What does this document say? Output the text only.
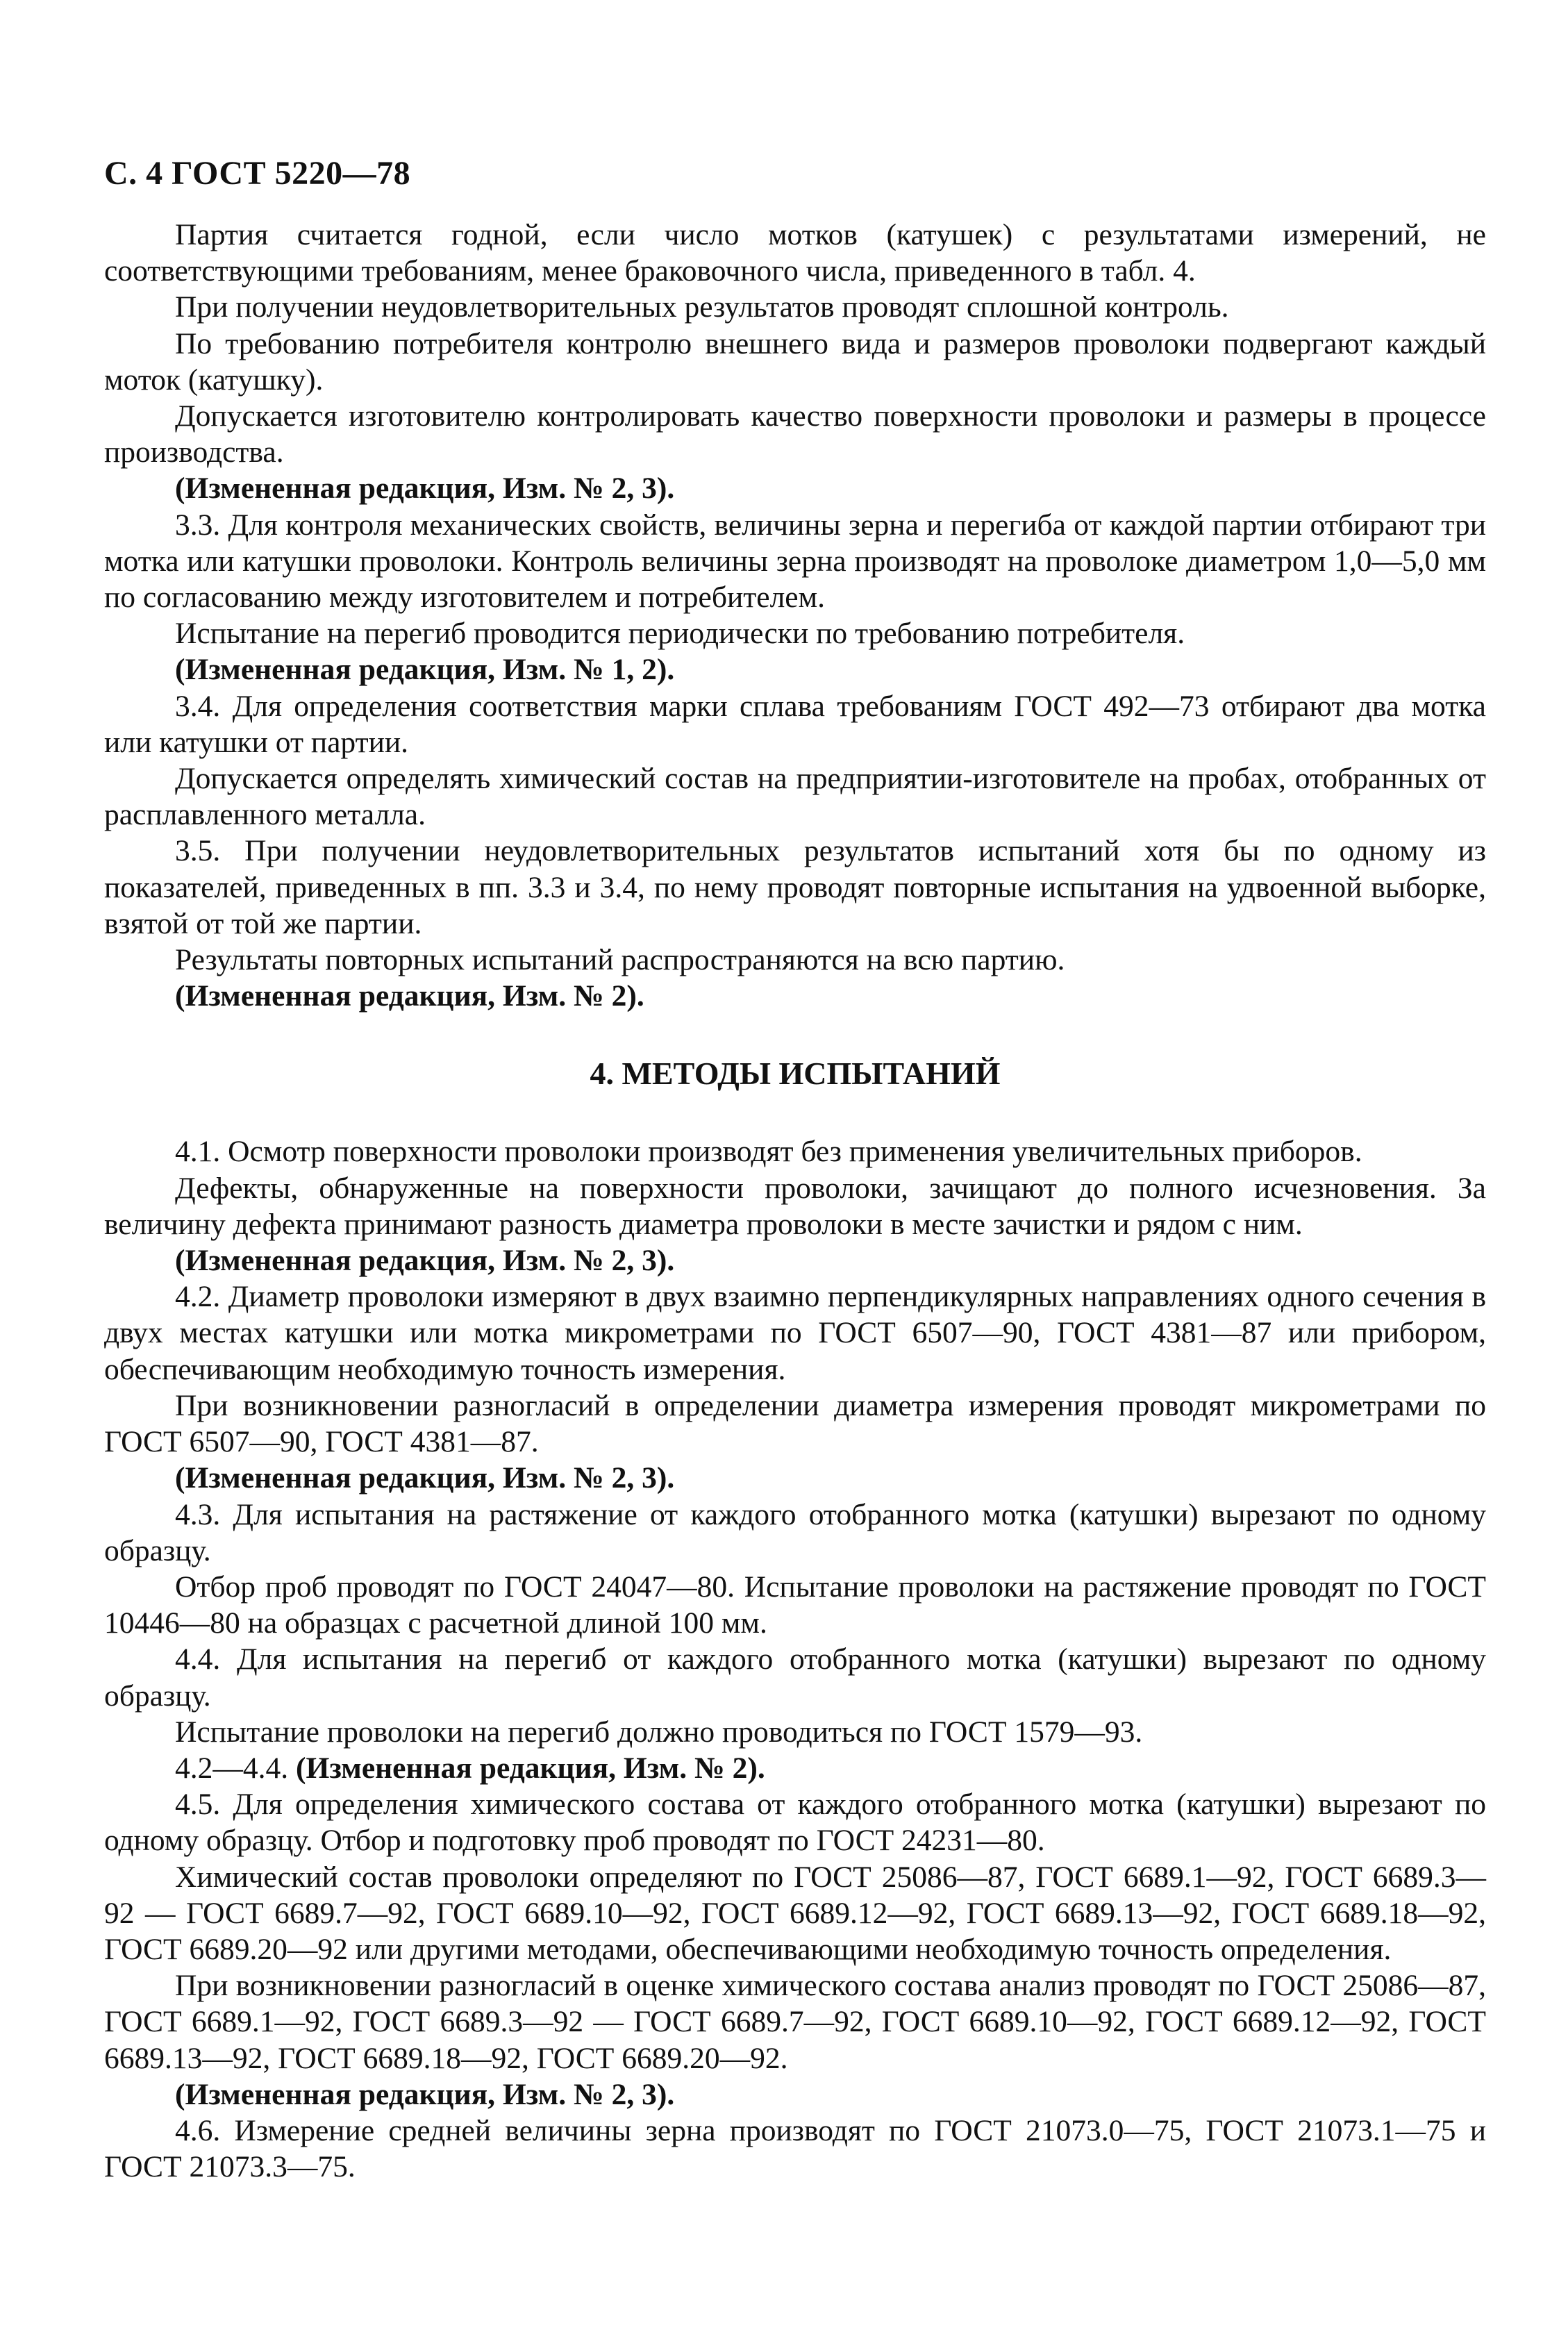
С. 4 ГОСТ 5220—78

Партия считается годной, если число мотков (катушек) с результатами измерений, не соответствующими требованиям, менее браковочного числа, приведенного в табл. 4.

При получении неудовлетворительных результатов проводят сплошной контроль.

По требованию потребителя контролю внешнего вида и размеров проволоки подвергают каждый моток (катушку).

Допускается изготовителю контролировать качество поверхности проволоки и размеры в процессе производства.

(Измененная редакция, Изм. № 2, 3).

3.3. Для контроля механических свойств, величины зерна и перегиба от каждой партии отбирают три мотка или катушки проволоки. Контроль величины зерна производят на проволоке диаметром 1,0—5,0 мм по согласованию между изготовителем и потребителем.

Испытание на перегиб проводится периодически по требованию потребителя.

(Измененная редакция, Изм. № 1, 2).

3.4. Для определения соответствия марки сплава требованиям ГОСТ 492—73 отбирают два мотка или катушки от партии.

Допускается определять химический состав на предприятии-изготовителе на пробах, отобранных от расплавленного металла.

3.5. При получении неудовлетворительных результатов испытаний хотя бы по одному из показателей, приведенных в пп. 3.3 и 3.4, по нему проводят повторные испытания на удвоенной выборке, взятой от той же партии.

Результаты повторных испытаний распространяются на всю партию.

(Измененная редакция, Изм. № 2).

4. МЕТОДЫ ИСПЫТАНИЙ

4.1. Осмотр поверхности проволоки производят без применения увеличительных приборов.

Дефекты, обнаруженные на поверхности проволоки, зачищают до полного исчезновения. За величину дефекта принимают разность диаметра проволоки в месте зачистки и рядом с ним.

(Измененная редакция, Изм. № 2, 3).

4.2. Диаметр проволоки измеряют в двух взаимно перпендикулярных направлениях одного сечения в двух местах катушки или мотка микрометрами по ГОСТ 6507—90, ГОСТ 4381—87 или прибором, обеспечивающим необходимую точность измерения.

При возникновении разногласий в определении диаметра измерения проводят микрометрами по ГОСТ 6507—90, ГОСТ 4381—87.

(Измененная редакция, Изм. № 2, 3).

4.3. Для испытания на растяжение от каждого отобранного мотка (катушки) вырезают по одному образцу.

Отбор проб проводят по ГОСТ 24047—80. Испытание проволоки на растяжение проводят по ГОСТ 10446—80 на образцах с расчетной длиной 100 мм.

4.4. Для испытания на перегиб от каждого отобранного мотка (катушки) вырезают по одному образцу.

Испытание проволоки на перегиб должно проводиться по ГОСТ 1579—93.

4.2—4.4. (Измененная редакция, Изм. № 2).

4.5. Для определения химического состава от каждого отобранного мотка (катушки) вырезают по одному образцу. Отбор и подготовку проб проводят по ГОСТ 24231—80.

Химический состав проволоки определяют по ГОСТ 25086—87, ГОСТ 6689.1—92, ГОСТ 6689.3—92 — ГОСТ 6689.7—92, ГОСТ 6689.10—92, ГОСТ 6689.12—92, ГОСТ 6689.13—92, ГОСТ 6689.18—92, ГОСТ 6689.20—92 или другими методами, обеспечивающими необходимую точность определения.

При возникновении разногласий в оценке химического состава анализ проводят по ГОСТ 25086—87, ГОСТ 6689.1—92, ГОСТ 6689.3—92 — ГОСТ 6689.7—92, ГОСТ 6689.10—92, ГОСТ 6689.12—92, ГОСТ 6689.13—92, ГОСТ 6689.18—92, ГОСТ 6689.20—92.

(Измененная редакция, Изм. № 2, 3).

4.6. Измерение средней величины зерна производят по ГОСТ 21073.0—75, ГОСТ 21073.1—75 и ГОСТ 21073.3—75.
